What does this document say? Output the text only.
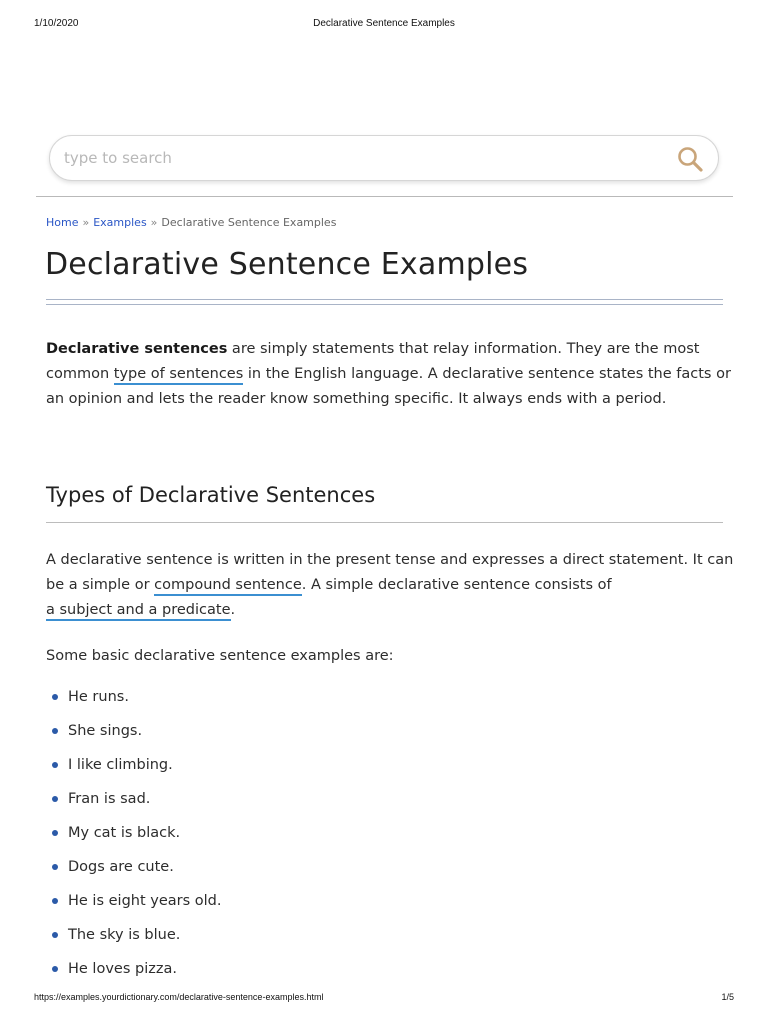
1/10/2020	Declarative Sentence Examples
type to search
Home » Examples » Declarative Sentence Examples
Declarative Sentence Examples

Declarative sentences are simply statements that relay information. They are the most common type of sentences in the English language. A declarative sentence states the facts or an opinion and lets the reader know something specific. It always ends with a period.

Types of Declarative Sentences

A declarative sentence is written in the present tense and expresses a direct statement. It can be a simple or compound sentence. A simple declarative sentence consists of
a subject and a predicate.

Some basic declarative sentence examples are:

He runs.
She sings.
I like climbing.
Fran is sad.
My cat is black.
Dogs are cute.
He is eight years old.
The sky is blue.
He loves pizza.
https://examples.yourdictionary.com/declarative-sentence-examples.html	1/5
